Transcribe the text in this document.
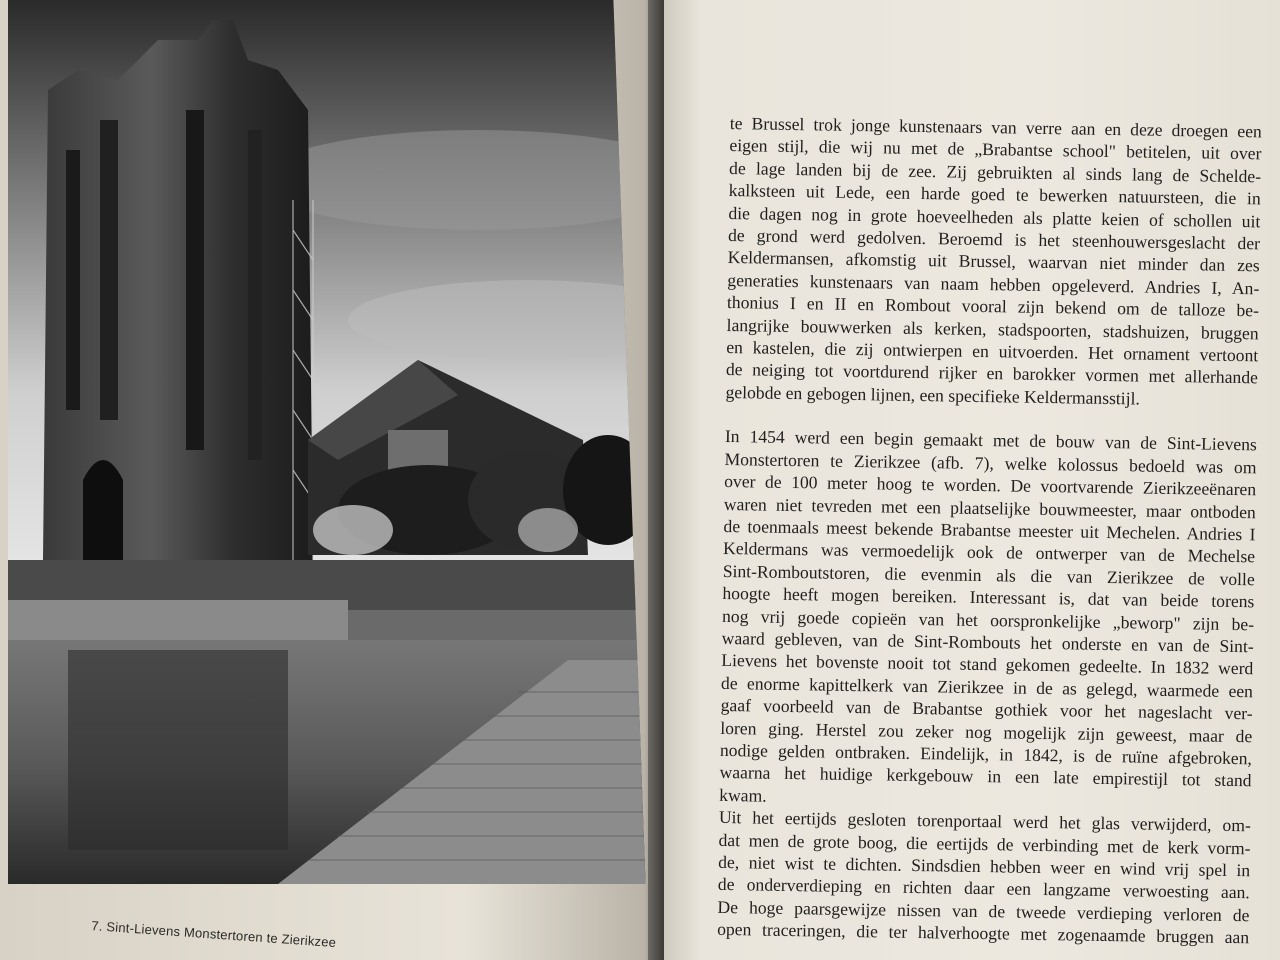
7. Sint-Lievens Monstertoren te Zierikzee
te Brussel trok jonge kunstenaars van verre aan en deze droegen een
eigen stijl, die wij nu met de „Brabantse school" betitelen, uit over
de lage landen bij de zee. Zij gebruikten al sinds lang de Schelde-
kalksteen uit Lede, een harde goed te bewerken natuursteen, die in
die dagen nog in grote hoeveelheden als platte keien of schollen uit
de grond werd gedolven. Beroemd is het steenhouwersgeslacht der
Keldermansen, afkomstig uit Brussel, waarvan niet minder dan zes
generaties kunstenaars van naam hebben opgeleverd. Andries I, An-
thonius I en II en Rombout vooral zijn bekend om de talloze be-
langrijke bouwwerken als kerken, stadspoorten, stadshuizen, bruggen
en kastelen, die zij ontwierpen en uitvoerden. Het ornament vertoont
de neiging tot voortdurend rijker en barokker vormen met allerhande
gelobde en gebogen lijnen, een specifieke Keldermansstijl.
In 1454 werd een begin gemaakt met de bouw van de Sint-Lievens
Monstertoren te Zierikzee (afb. 7), welke kolossus bedoeld was om
over de 100 meter hoog te worden. De voortvarende Zierikzeeënaren
waren niet tevreden met een plaatselijke bouwmeester, maar ontboden
de toenmaals meest bekende Brabantse meester uit Mechelen. Andries I
Keldermans was vermoedelijk ook de ontwerper van de Mechelse
Sint-Romboutstoren, die evenmin als die van Zierikzee de volle
hoogte heeft mogen bereiken. Interessant is, dat van beide torens
nog vrij goede copieën van het oorspronkelijke „beworp" zijn be-
waard gebleven, van de Sint-Rombouts het onderste en van de Sint-
Lievens het bovenste nooit tot stand gekomen gedeelte. In 1832 werd
de enorme kapittelkerk van Zierikzee in de as gelegd, waarmede een
gaaf voorbeeld van de Brabantse gothiek voor het nageslacht ver-
loren ging. Herstel zou zeker nog mogelijk zijn geweest, maar de
nodige gelden ontbraken. Eindelijk, in 1842, is de ruïne afgebroken,
waarna het huidige kerkgebouw in een late empirestijl tot stand
kwam.
Uit het eertijds gesloten torenportaal werd het glas verwijderd, om-
dat men de grote boog, die eertijds de verbinding met de kerk vorm-
de, niet wist te dichten. Sindsdien hebben weer en wind vrij spel in
de onderverdieping en richten daar een langzame verwoesting aan.
De hoge paarsgewijze nissen van de tweede verdieping verloren de
open traceringen, die ter halverhoogte met zogenaamde bruggen aan
